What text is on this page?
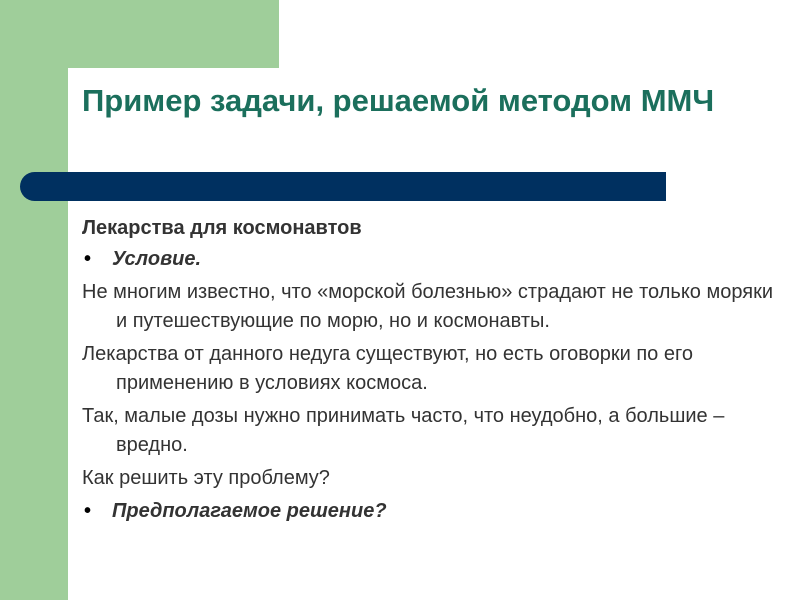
Пример задачи, решаемой методом ММЧ
Лекарства для космонавтов
• Условие.
Не многим известно, что «морской болезнью» страдают не только моряки и путешествующие по морю, но и космонавты.
Лекарства от данного недуга существуют, но есть оговорки по его применению в условиях космоса.
Так, малые дозы нужно принимать часто, что неудобно, а большие – вредно.
Как решить эту проблему?
• Предполагаемое решение?
